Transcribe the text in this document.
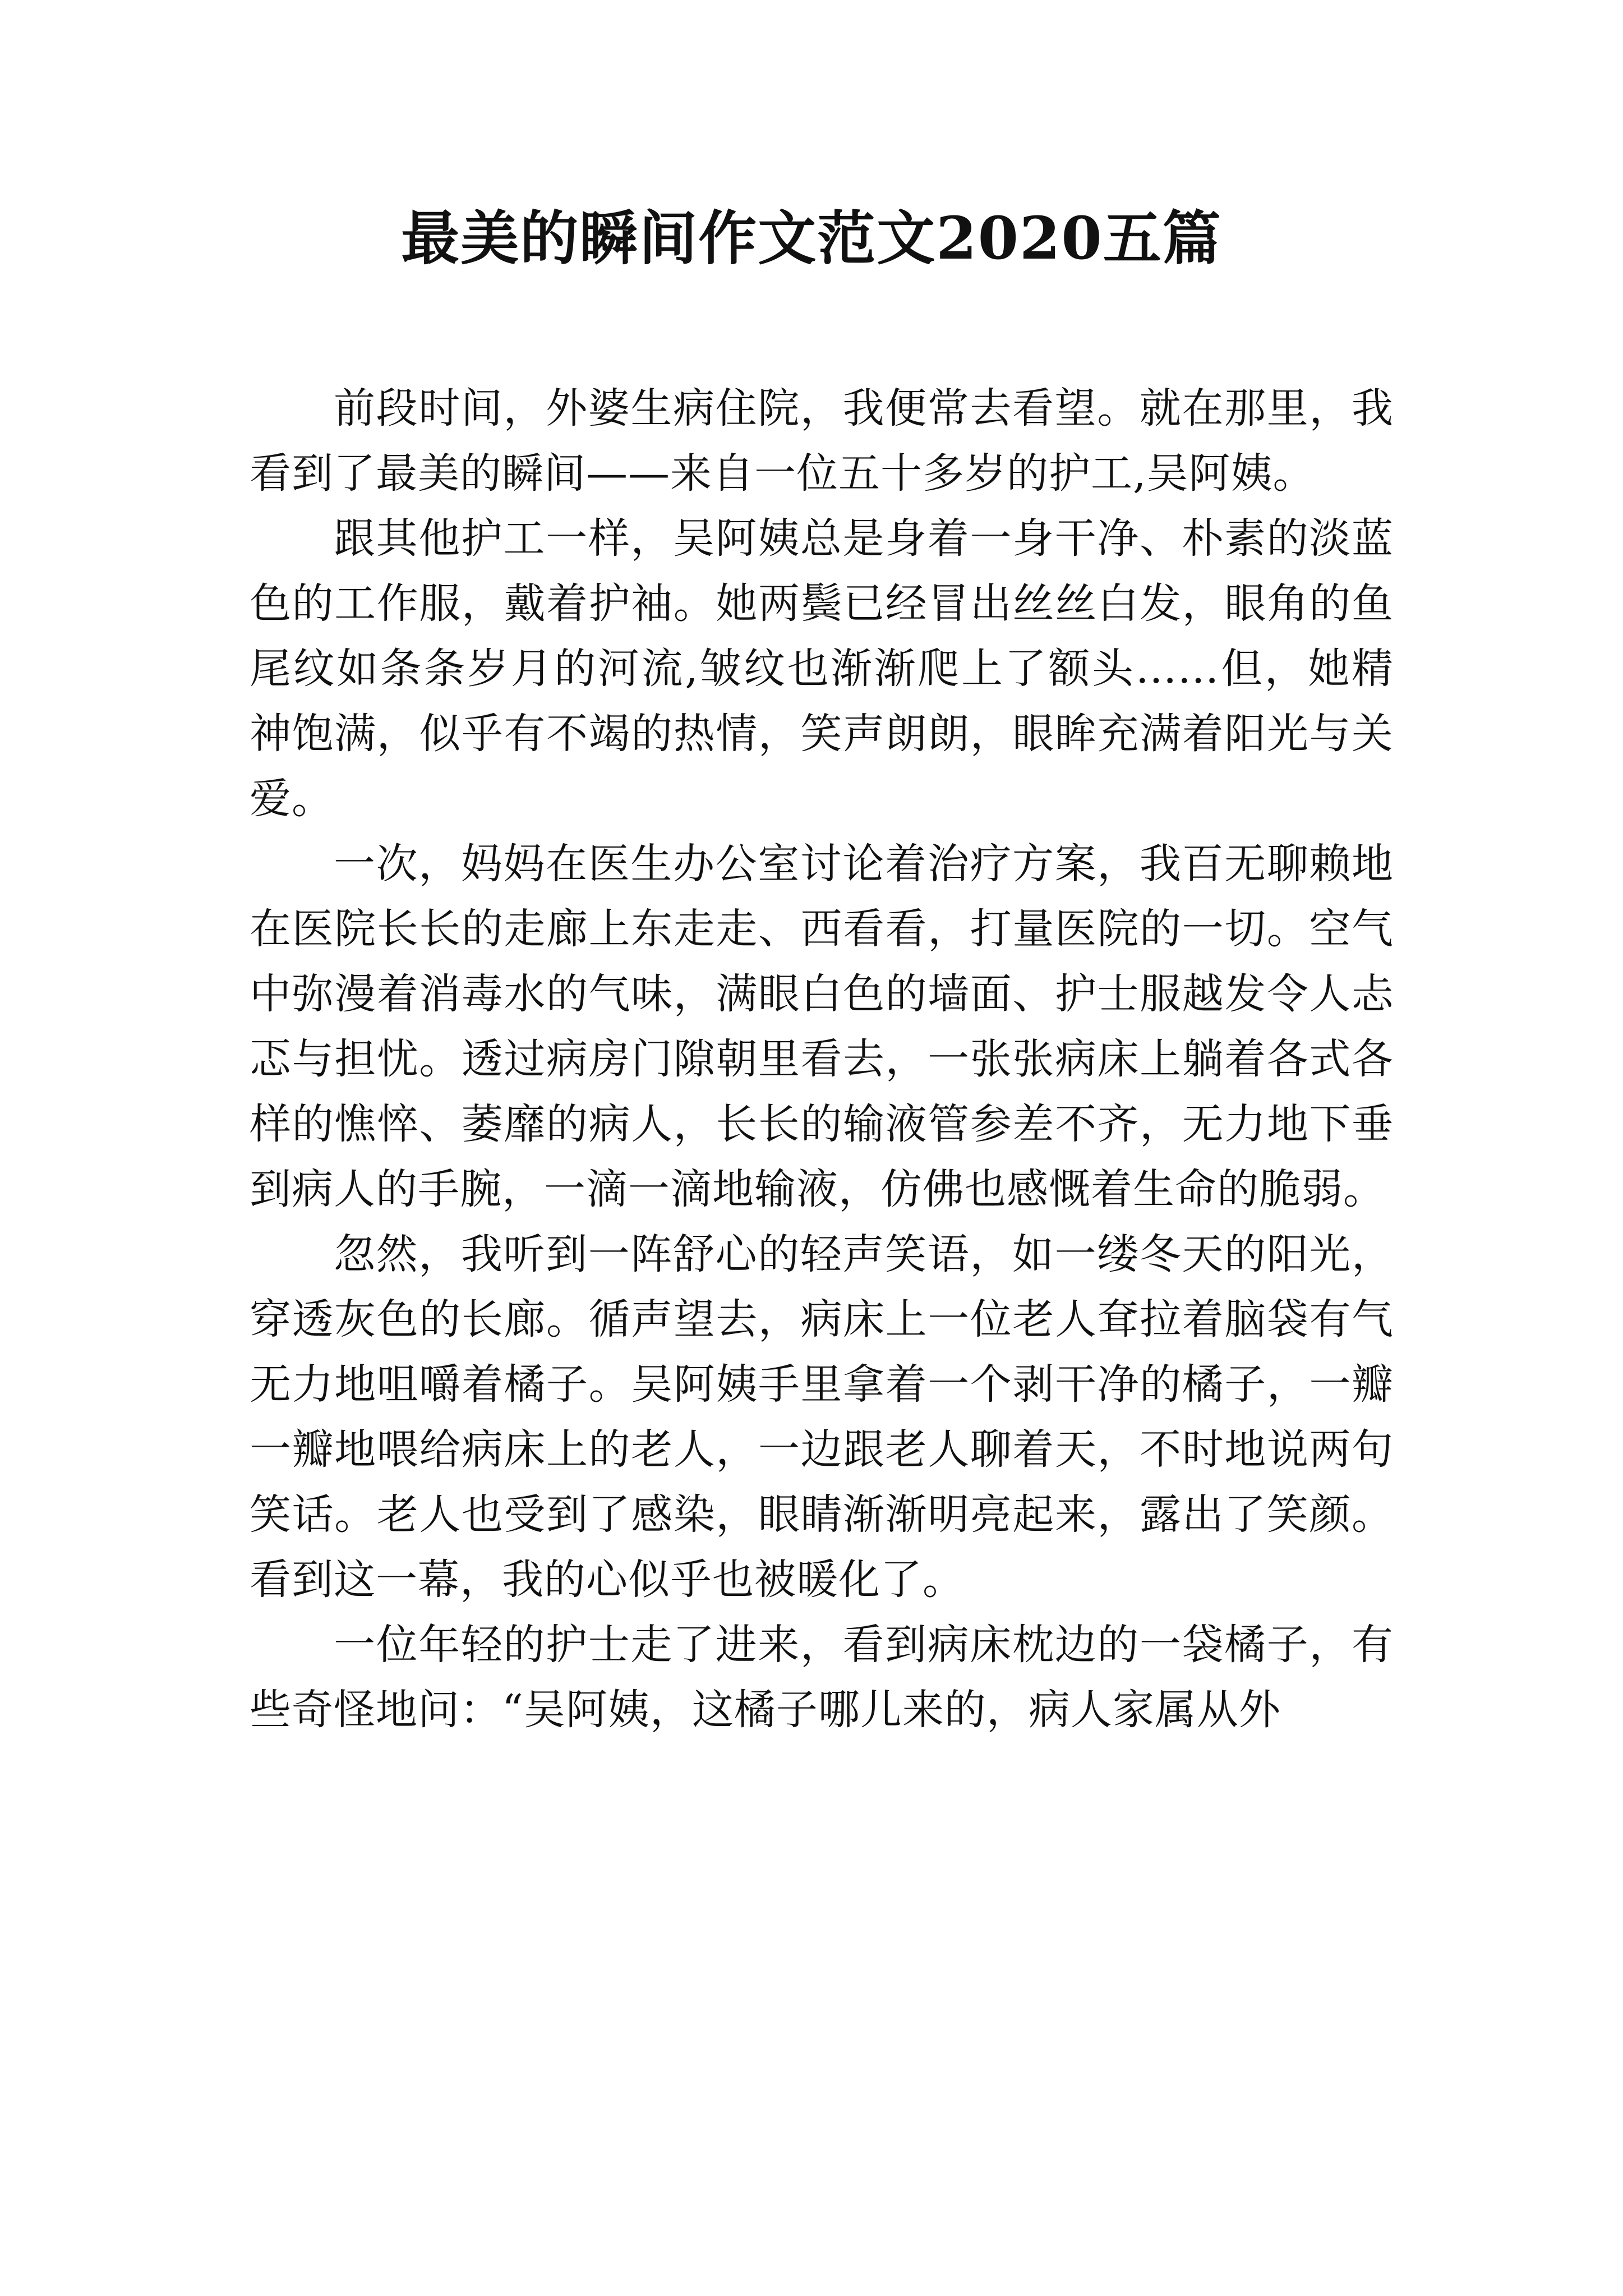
最美的瞬间作文范文2020五篇

前段时间，外婆生病住院，我便常去看望。就在那里，我看到了最美的瞬间——来自一位五十多岁的护工,吴阿姨。

跟其他护工一样，吴阿姨总是身着一身干净、朴素的淡蓝色的工作服，戴着护袖。她两鬓已经冒出丝丝白发，眼角的鱼尾纹如条条岁月的河流,皱纹也渐渐爬上了额头……但，她精神饱满，似乎有不竭的热情，笑声朗朗，眼眸充满着阳光与关爱。

一次，妈妈在医生办公室讨论着治疗方案，我百无聊赖地在医院长长的走廊上东走走、西看看，打量医院的一切。空气中弥漫着消毒水的气味，满眼白色的墙面、护士服越发令人忐忑与担忧。透过病房门隙朝里看去，一张张病床上躺着各式各样的憔悴、萎靡的病人，长长的输液管参差不齐，无力地下垂到病人的手腕，一滴一滴地输液，仿佛也感慨着生命的脆弱。

忽然，我听到一阵舒心的轻声笑语，如一缕冬天的阳光，穿透灰色的长廊。循声望去，病床上一位老人耷拉着脑袋有气无力地咀嚼着橘子。吴阿姨手里拿着一个剥干净的橘子，一瓣一瓣地喂给病床上的老人，一边跟老人聊着天，不时地说两句笑话。老人也受到了感染，眼睛渐渐明亮起来，露出了笑颜。看到这一幕，我的心似乎也被暖化了。

一位年轻的护士走了进来，看到病床枕边的一袋橘子，有些奇怪地问：“吴阿姨，这橘子哪儿来的，病人家属从外
